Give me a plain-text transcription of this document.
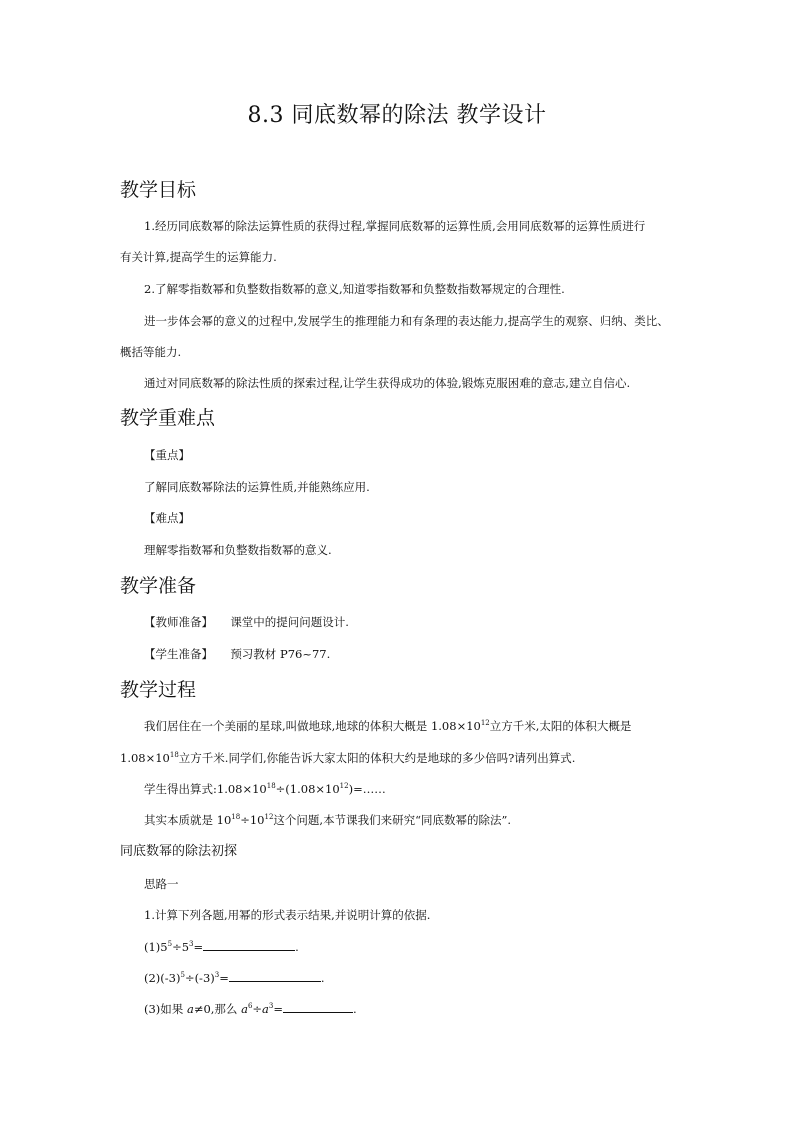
8.3 同底数幂的除法 教学设计
教学目标
1.经历同底数幂的除法运算性质的获得过程,掌握同底数幂的运算性质,会用同底数幂的运算性质进行
有关计算,提高学生的运算能力.
2.了解零指数幂和负整数指数幂的意义,知道零指数幂和负整数指数幂规定的合理性.
进一步体会幂的意义的过程中,发展学生的推理能力和有条理的表达能力,提高学生的观察、归纳、类比、
概括等能力.
通过对同底数幂的除法性质的探索过程,让学生获得成功的体验,锻炼克服困难的意志,建立自信心.
教学重难点
【重点】
了解同底数幂除法的运算性质,并能熟练应用.
【难点】
理解零指数幂和负整数指数幂的意义.
教学准备
【教师准备】 课堂中的提问问题设计.
【学生准备】 预习教材 P76~77.
教学过程
我们居住在一个美丽的星球,叫做地球,地球的体积大概是 $1.08\times 10^{12}$立方千米,太阳的体积大概是
$1.08\times 10^{18}$立方千米.同学们,你能告诉大家太阳的体积大约是地球的多少倍吗?请列出算式.
学生得出算式$:1.08\times 10^{18}\div(1.08\times 10^{12})=\dots\dots$
其实本质就是 $10^{18}\div 10^{12}$这个问题,本节课我们来研究“同底数幂的除法”.
同底数幂的除法初探
思路一
1.计算下列各题,用幂的形式表示结果,并说明计算的依据.
$(1)5^5\div 5^3=$	.
$(2)(-3)^5\div(-3)^3=$	.
(3)如果 a≠0,那么 $a^6\div a^3=$	.
